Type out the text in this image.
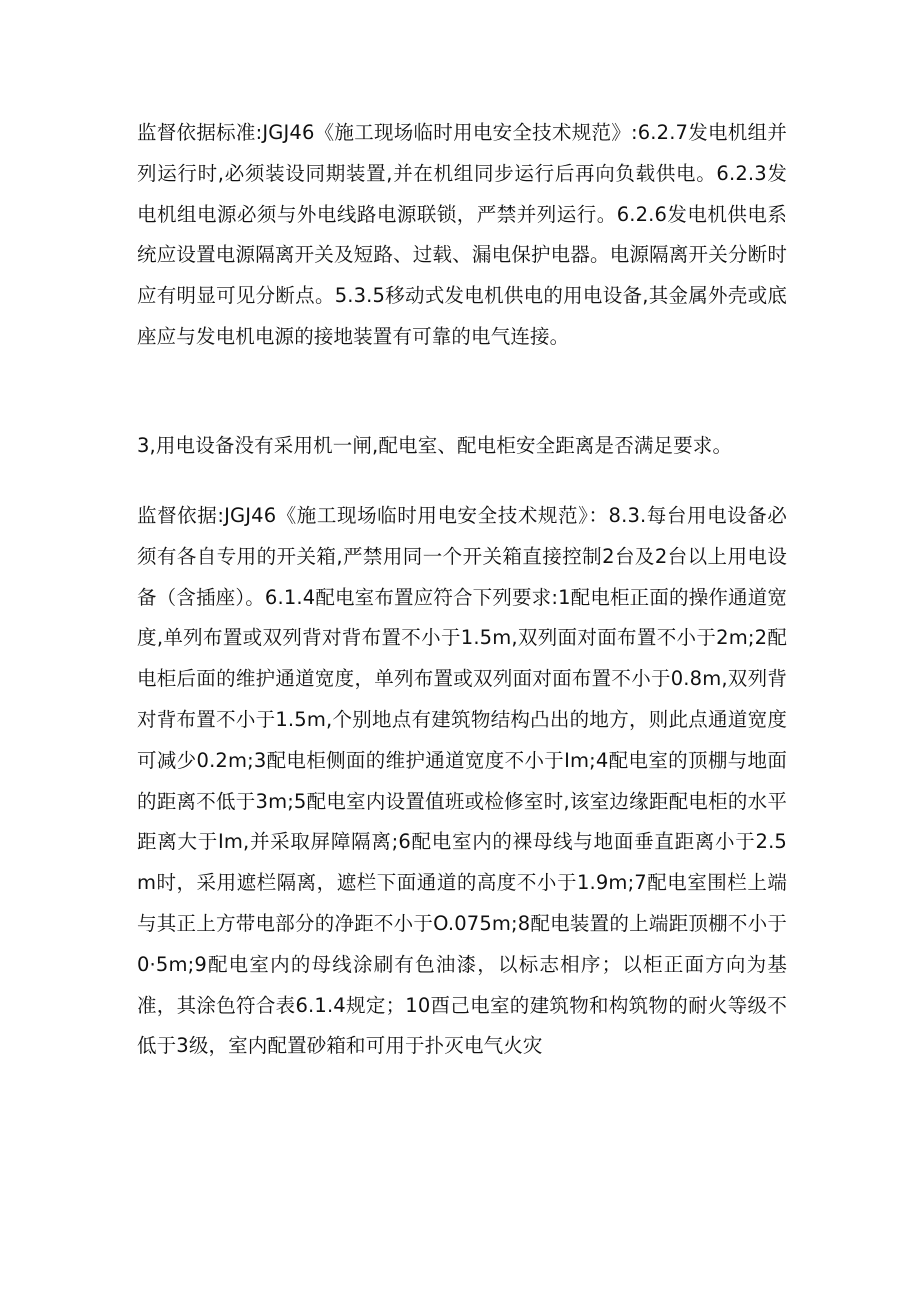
监督依据标准:JGJ46《施工现场临时用电安全技术规范》:6.2.7发电机组并列运行时,必须装设同期装置,并在机组同步运行后再向负载供电。6.2.3发电机组电源必须与外电线路电源联锁，严禁并列运行。6.2.6发电机供电系统应设置电源隔离开关及短路、过载、漏电保护电器。电源隔离开关分断时应有明显可见分断点。5.3.5移动式发电机供电的用电设备,其金属外壳或底座应与发电机电源的接地装置有可靠的电气连接。

3,用电设备没有采用机一闸,配电室、配电柜安全距离是否满足要求。

监督依据:JGJ46《施工现场临时用电安全技术规范》：8.3.每台用电设备必须有各自专用的开关箱,严禁用同一个开关箱直接控制2台及2台以上用电设备（含插座）。6.1.4配电室布置应符合下列要求:1配电柜正面的操作通道宽度,单列布置或双列背对背布置不小于1.5m,双列面对面布置不小于2m;2配电柜后面的维护通道宽度，单列布置或双列面对面布置不小于0.8m,双列背对背布置不小于1.5m,个别地点有建筑物结构凸出的地方，则此点通道宽度可减少0.2m;3配电柜侧面的维护通道宽度不小于Im;4配电室的顶棚与地面的距离不低于3m;5配电室内设置值班或检修室时,该室边缘距配电柜的水平距离大于Im,并采取屏障隔离;6配电室内的裸母线与地面垂直距离小于2.5m时，采用遮栏隔离，遮栏下面通道的高度不小于1.9m;7配电室围栏上端与其正上方带电部分的净距不小于O.075m;8配电装置的上端距顶棚不小于0·5m;9配电室内的母线涂刷有色油漆，以标志相序；以柜正面方向为基准，其涂色符合表6.1.4规定；10酉己电室的建筑物和构筑物的耐火等级不低于3级，室内配置砂箱和可用于扑灭电气火灾
